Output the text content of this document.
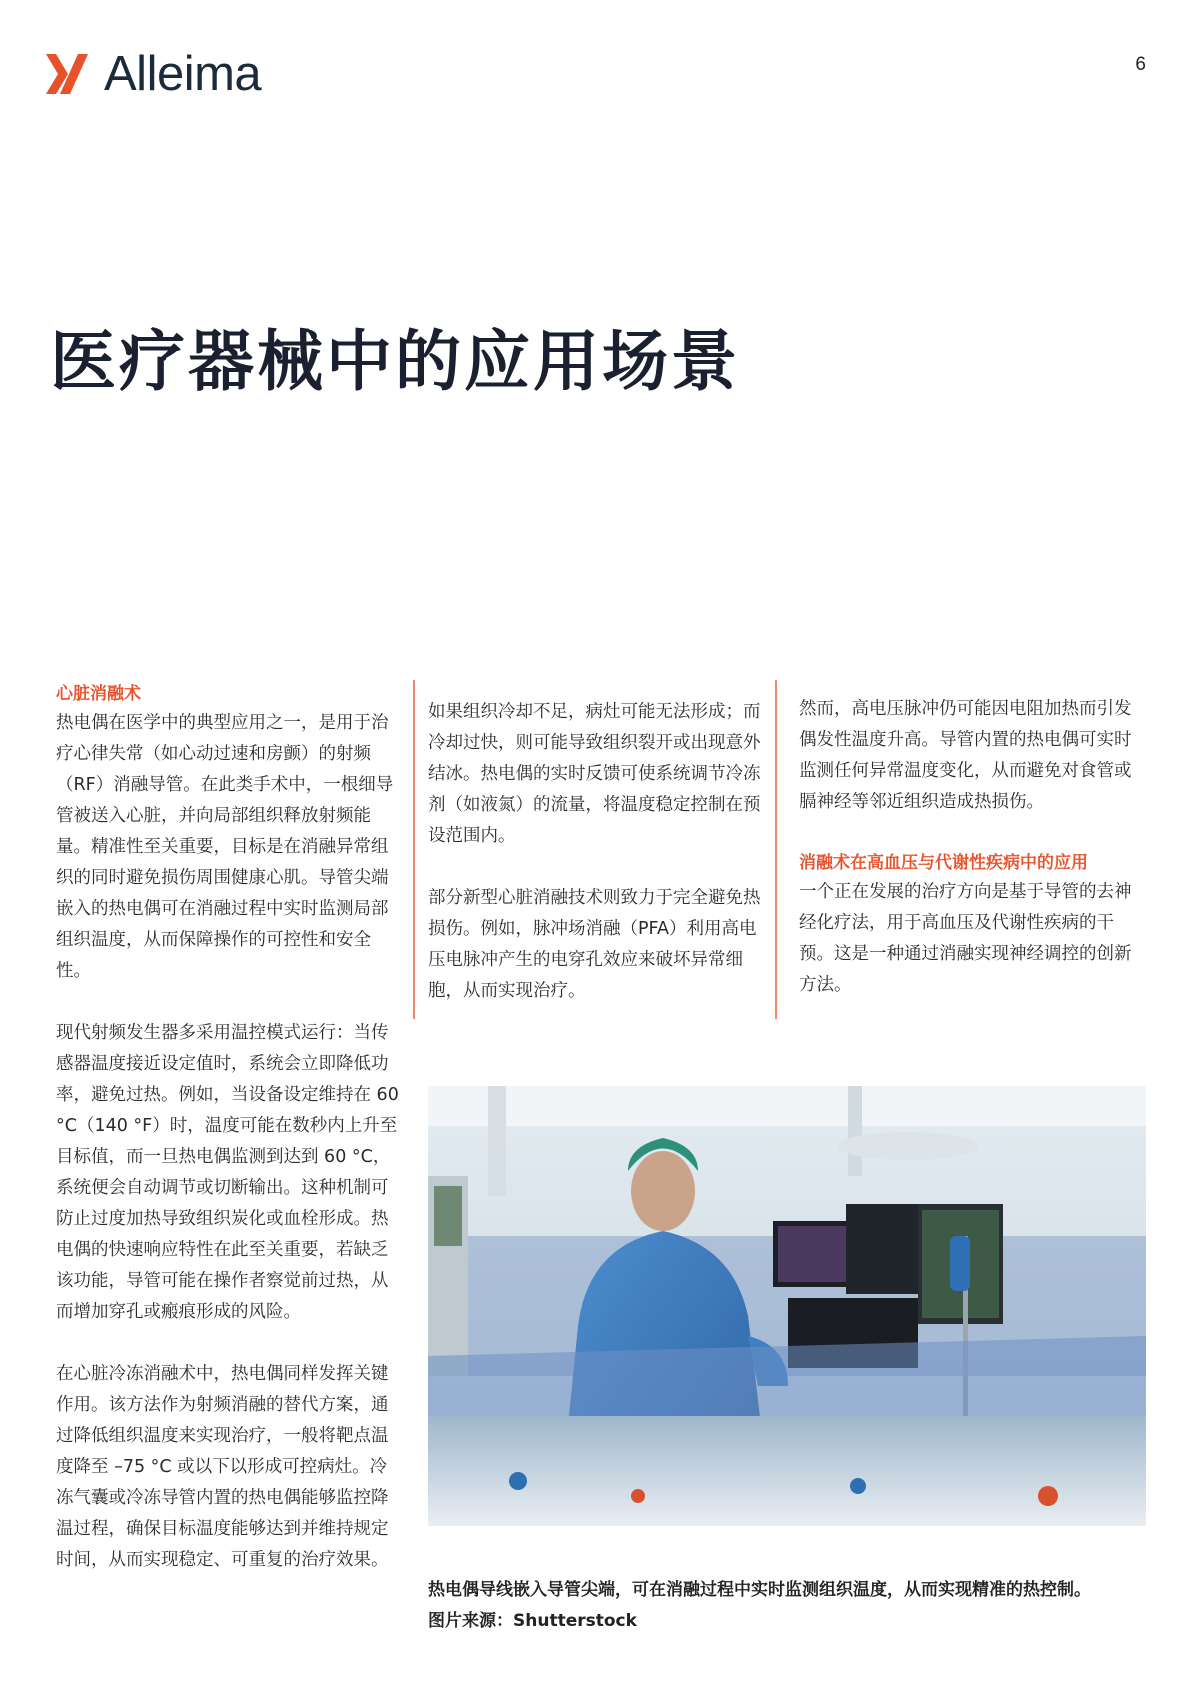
Alleima	6
医疗器械中的应用场景
心脏消融术

热电偶在医学中的典型应用之一，是用于治疗心律失常（如心动过速和房颤）的射频（RF）消融导管。在此类手术中，一根细导管被送入心脏，并向局部组织释放射频能量。精准性至关重要，目标是在消融异常组织的同时避免损伤周围健康心肌。导管尖端嵌入的热电偶可在消融过程中实时监测局部组织温度，从而保障操作的可控性和安全性。

现代射频发生器多采用温控模式运行：当传感器温度接近设定值时，系统会立即降低功率，避免过热。例如，当设备设定维持在 60 °C（140 °F）时，温度可能在数秒内上升至目标值，而一旦热电偶监测到达到 60 °C，系统便会自动调节或切断输出。这种机制可防止过度加热导致组织炭化或血栓形成。热电偶的快速响应特性在此至关重要，若缺乏该功能，导管可能在操作者察觉前过热，从而增加穿孔或瘢痕形成的风险。

在心脏冷冻消融术中，热电偶同样发挥关键作用。该方法作为射频消融的替代方案，通过降低组织温度来实现治疗，一般将靶点温度降至 –75 °C 或以下以形成可控病灶。冷冻气囊或冷冻导管内置的热电偶能够监控降温过程，确保目标温度能够达到并维持规定时间，从而实现稳定、可重复的治疗效果。

如果组织冷却不足，病灶可能无法形成；而冷却过快，则可能导致组织裂开或出现意外结冰。热电偶的实时反馈可使系统调节冷冻剂（如液氮）的流量，将温度稳定控制在预设范围内。

部分新型心脏消融技术则致力于完全避免热损伤。例如，脉冲场消融（PFA）利用高电压电脉冲产生的电穿孔效应来破坏异常细胞，从而实现治疗。

然而，高电压脉冲仍可能因电阻加热而引发偶发性温度升高。导管内置的热电偶可实时监测任何异常温度变化，从而避免对食管或膈神经等邻近组织造成热损伤。

消融术在高血压与代谢性疾病中的应用

一个正在发展的治疗方向是基于导管的去神经化疗法，用于高血压及代谢性疾病的干预。这是一种通过消融实现神经调控的创新方法。

热电偶导线嵌入导管尖端，可在消融过程中实时监测组织温度，从而实现精准的热控制。
图片来源：Shutterstock
